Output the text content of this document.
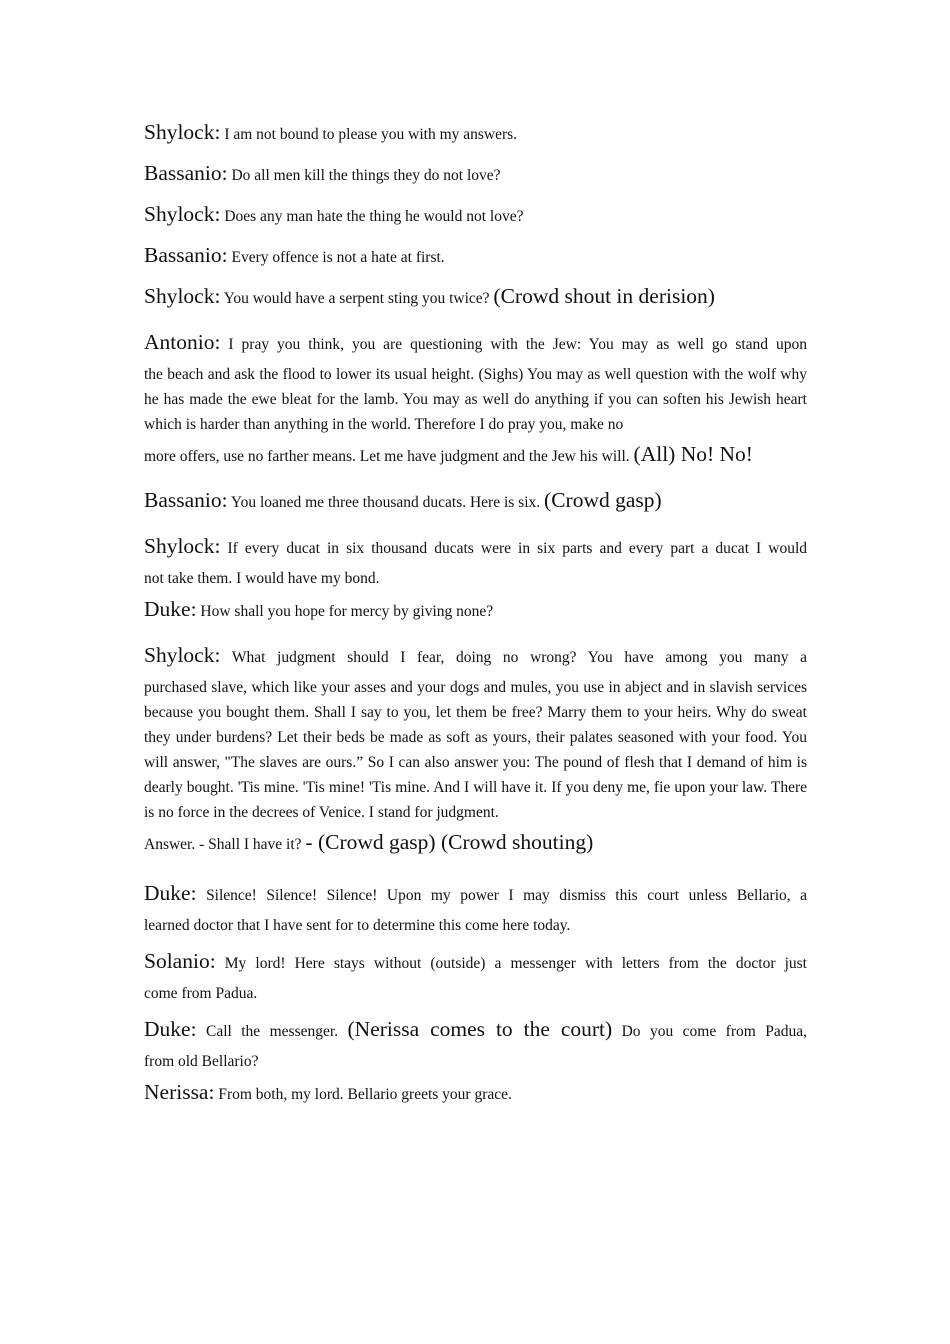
Shylock: I am not bound to please you with my answers.

Bassanio: Do all men kill the things they do not love?

Shylock: Does any man hate the thing he would not love?

Bassanio: Every offence is not a hate at first.

Shylock: You would have a serpent sting you twice? (Crowd shout in derision)

Antonio: I pray you think, you are questioning with the Jew: You may as well go stand upon
the beach and ask the flood to lower its usual height. (Sighs) You may as well question with the wolf why he has made the ewe bleat for the lamb. You may as well do anything if you can soften his Jewish heart which is harder than anything in the world. Therefore I do pray you, make no
more offers, use no farther means. Let me have judgment and the Jew his will. (All) No! No!

Bassanio: You loaned me three thousand ducats. Here is six. (Crowd gasp)

Shylock: If every ducat in six thousand ducats were in six parts and every part a ducat I would
not take them. I would have my bond.

Duke: How shall you hope for mercy by giving none?

Shylock: What judgment should I fear, doing no wrong? You have among you many a
purchased slave, which like your asses and your dogs and mules, you use in abject and in slavish services because you bought them. Shall I say to you, let them be free? Marry them to your heirs. Why do sweat they under burdens? Let their beds be made as soft as yours, their palates seasoned with your food. You will answer, "The slaves are ours.” So I can also answer you: The pound of flesh that I demand of him is dearly bought. 'Tis mine. 'Tis mine! 'Tis mine. And I will have it. If you deny me, fie upon your law. There is no force in the decrees of Venice. I stand for judgment.
Answer. - Shall I have it? - (Crowd gasp) (Crowd shouting)

Duke: Silence! Silence! Silence! Upon my power I may dismiss this court unless Bellario, a
learned doctor that I have sent for to determine this come here today.

Solanio: My lord! Here stays without (outside) a messenger with letters from the doctor just
come from Padua.

Duke: Call the messenger. (Nerissa comes to the court) Do you come from Padua,
from old Bellario?

Nerissa: From both, my lord. Bellario greets your grace.
